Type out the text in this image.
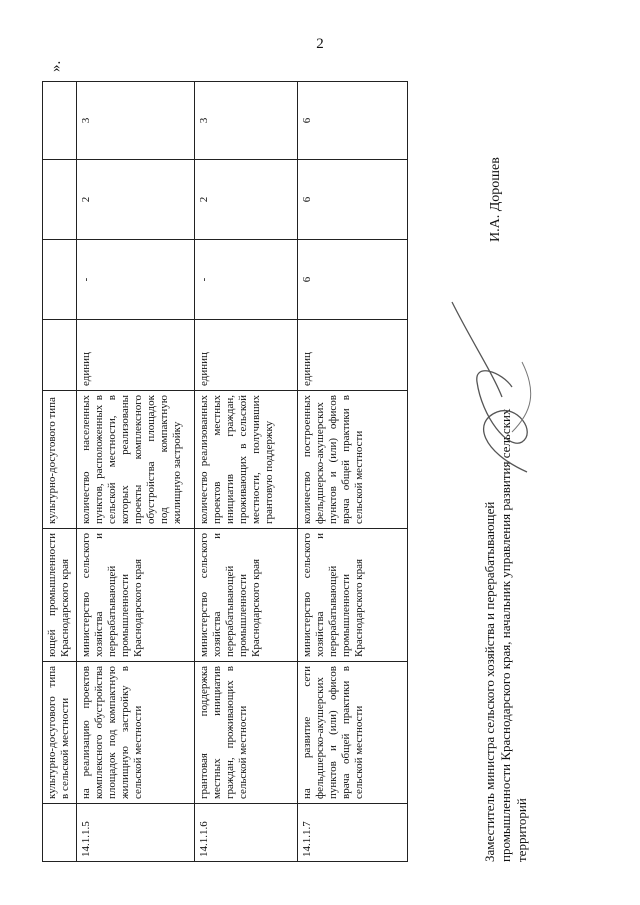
2
	культурно-досугового типа в сельской местности	ющей промышленности Краснодарского края	культурно-досугового типа				
14.1.1.5	на реализацию проектов комплексного обустройства площадок под компактную жилищную застройку в сельской местности	министерство сельского хозяйства и перерабатывающей промышленности Краснодарского края	количество населенных пунктов, расположенных в сельской местности, в которых реализованы проекты комплексного обустройства площадок под компактную жилищную застройку	единиц	-	2	3
14.1.1.6	грантовая поддержка местных инициатив граждан, проживающих в сельской местности	министерство сельского хозяйства и перерабатывающей промышленности Краснодарского края	количество реализованных проектов местных инициатив граждан, проживающих в сельской местности, получивших грантовую поддержку	единиц	-	2	3
14.1.1.7	на развитие сети фельдшерско-акушерских пунктов и (или) офисов врача общей практики в сельской местности	министерство сельского хозяйства и перерабатывающей промышленности Краснодарского края	количество построенных фельдшерско-акушерских пунктов и (или) офисов врача общей практики в сельской местности	единиц	6	6	6
».
Заместитель министра сельского хозяйства и перерабатывающей промышленности Краснодарского края, начальник управления развития сельских территорий
И.А. Дорошев
